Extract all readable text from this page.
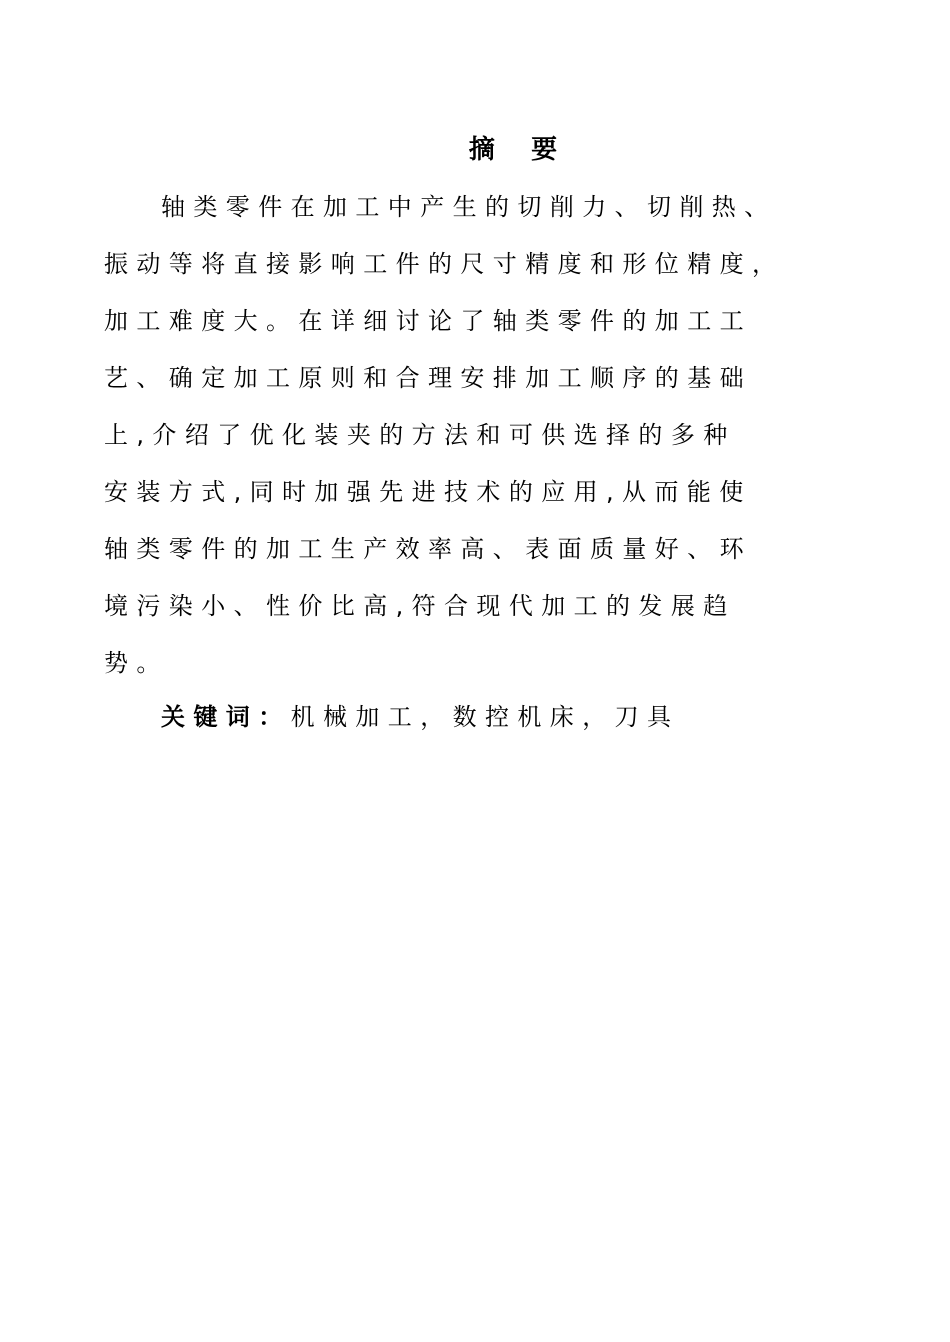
摘    要
轴类零件在加工中产生的切削力、切削热、
振动等将直接影响工件的尺寸精度和形位精度，
加工难度大。在详细讨论了轴类零件的加工工
艺、确定加工原则和合理安排加工顺序的基础
上,介绍了优化装夹的方法和可供选择的多种
安装方式,同时加强先进技术的应用,从而能使
轴类零件的加工生产效率高、表面质量好、环
境污染小、性价比高,符合现代加工的发展趋
势。
关键词：机械加工，数控机床，刀具
